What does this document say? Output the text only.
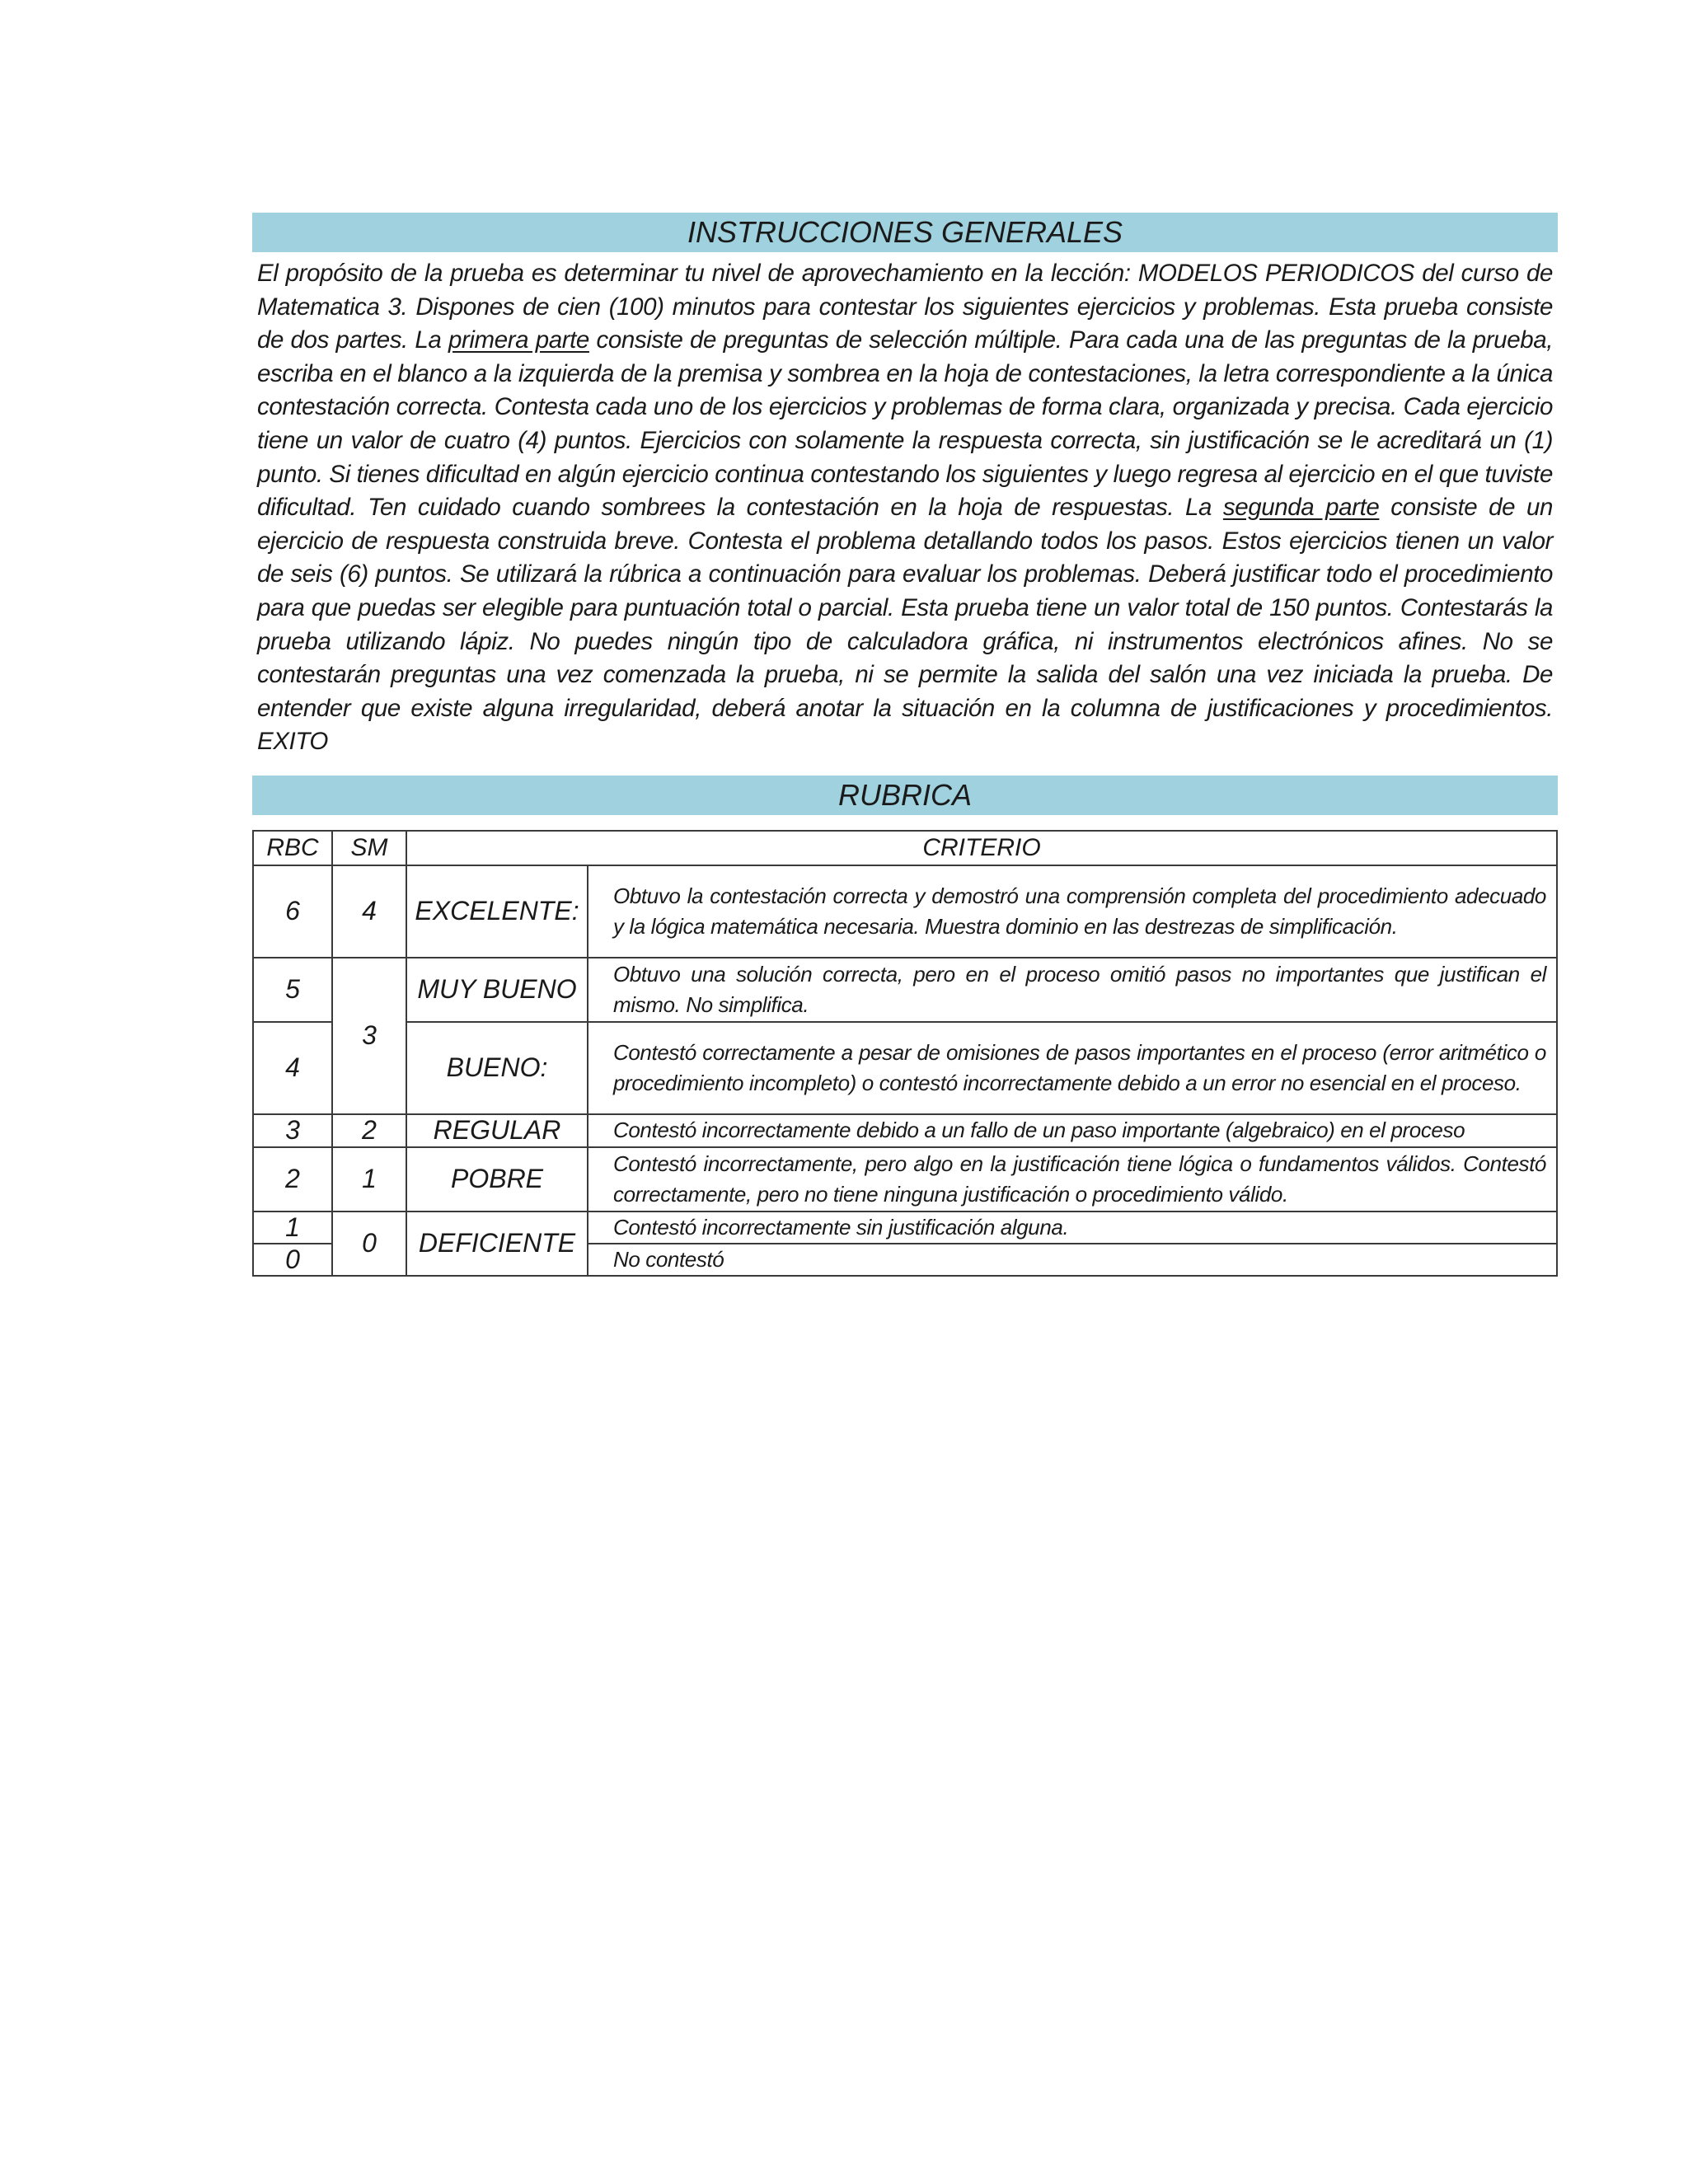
INSTRUCCIONES GENERALES
El propósito de la prueba es determinar tu nivel de aprovechamiento en la lección: MODELOS PERIODICOS del curso de Matematica 3. Dispones de cien (100) minutos para contestar los siguientes ejercicios y problemas. Esta prueba consiste de dos partes. La primera parte consiste de preguntas de selección múltiple. Para cada una de las preguntas de la prueba, escriba en el blanco a la izquierda de la premisa y sombrea en la hoja de contestaciones, la letra correspondiente a la única contestación correcta. Contesta cada uno de los ejercicios y problemas de forma clara, organizada y precisa. Cada ejercicio tiene un valor de cuatro (4) puntos. Ejercicios con solamente la respuesta correcta, sin justificación se le acreditará un (1) punto. Si tienes dificultad en algún ejercicio continua contestando los siguientes y luego regresa al ejercicio en el que tuviste dificultad. Ten cuidado cuando sombrees la contestación en la hoja de respuestas. La segunda parte consiste de un ejercicio de respuesta construida breve. Contesta el problema detallando todos los pasos. Estos ejercicios tienen un valor de seis (6) puntos. Se utilizará la rúbrica a continuación para evaluar los problemas. Deberá justificar todo el procedimiento para que puedas ser elegible para puntuación total o parcial. Esta prueba tiene un valor total de 150 puntos. Contestarás la prueba utilizando lápiz. No puedes ningún tipo de calculadora gráfica, ni instrumentos electrónicos afines. No se contestarán preguntas una vez comenzada la prueba, ni se permite la salida del salón una vez iniciada la prueba. De entender que existe alguna irregularidad, deberá anotar la situación en la columna de justificaciones y procedimientos. EXITO
RUBRICA
RBC	SM	CRITERIO	
6	4	EXCELENTE:	Obtuvo la contestación correcta y demostró una comprensión completa del procedimiento adecuado y la lógica matemática necesaria. Muestra dominio en las destrezas de simplificación.
5	3	MUY BUENO	Obtuvo una solución correcta, pero en el proceso omitió pasos no importantes que justifican el mismo. No simplifica.
4		BUENO:	Contestó correctamente a pesar de omisiones de pasos importantes en el proceso (error aritmético o procedimiento incompleto) o contestó incorrectamente debido a un error no esencial en el proceso.
3	2	REGULAR	Contestó incorrectamente debido a un fallo de un paso importante (algebraico) en el proceso
2	1	POBRE	Contestó incorrectamente, pero algo en la justificación tiene lógica o fundamentos válidos. Contestó correctamente, pero no tiene ninguna justificación o procedimiento válido.
1	0	DEFICIENTE	Contestó incorrectamente sin justificación alguna.
0			No contestó
